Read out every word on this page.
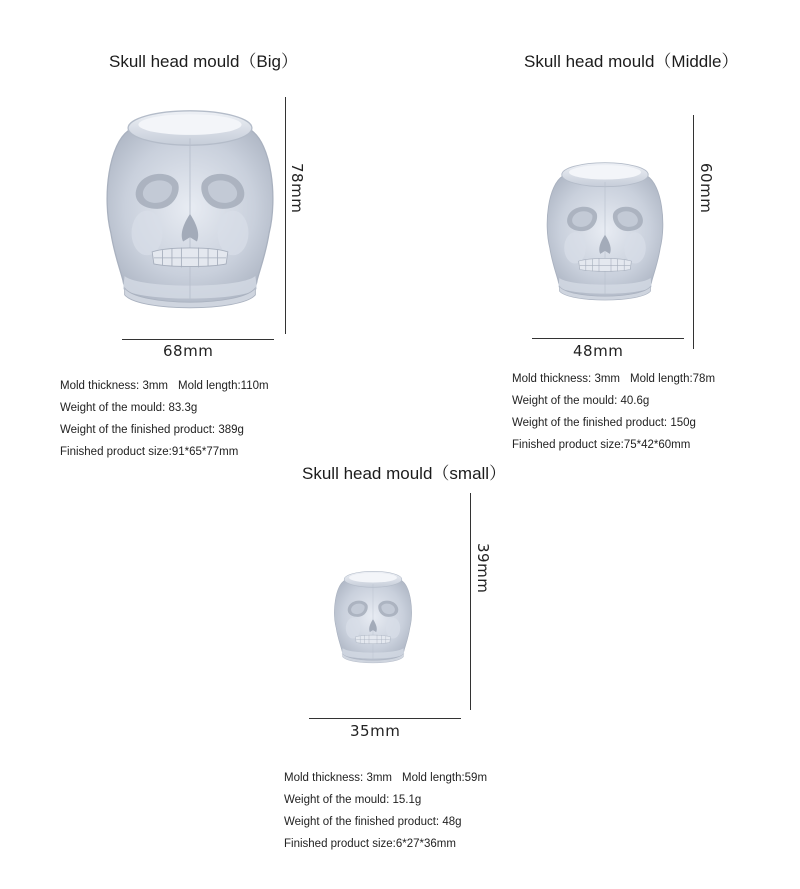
Skull head mould（Big）
78mm
68mm
Mold thickness: 3mm Mold length:110m
Weight of the mould: 83.3g
Weight of the finished product: 389g
Finished product size:91*65*77mm
Skull head mould（Middle）
60mm
48mm
Mold thickness: 3mm Mold length:78m
Weight of the mould: 40.6g
Weight of the finished product: 150g
Finished product size:75*42*60mm
Skull head mould（small）
39mm
35mm
Mold thickness: 3mm Mold length:59m
Weight of the mould: 15.1g
Weight of the finished product: 48g
Finished product size:6*27*36mm
